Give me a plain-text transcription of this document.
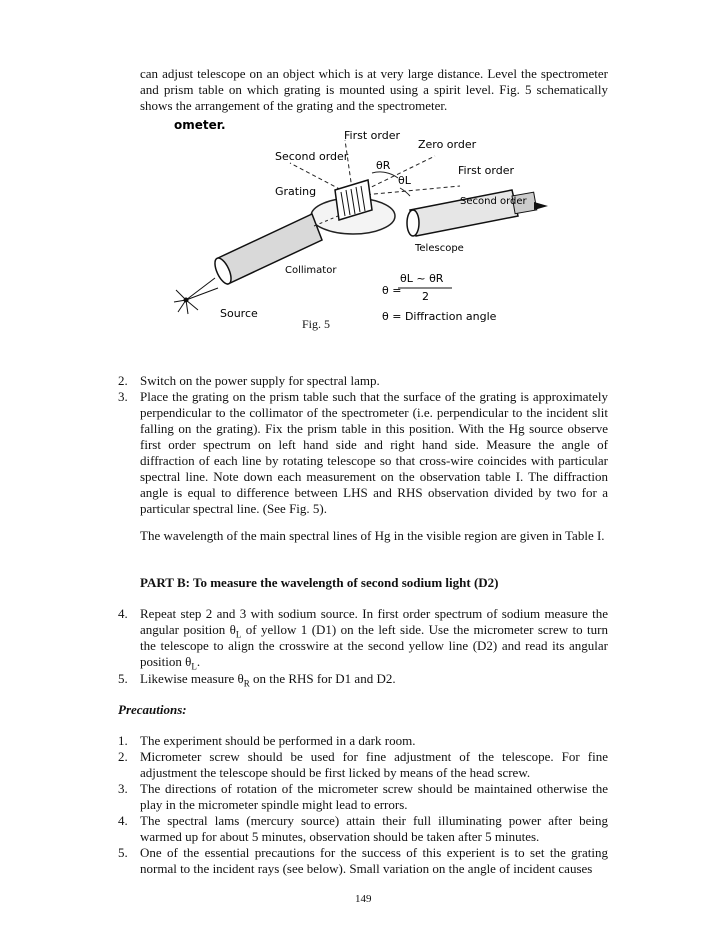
can adjust telescope on an object which is at very large distance. Level the spectrometer and prism table on which grating is mounted using a spirit level. Fig. 5 schematically shows the arrangement of the grating and the spectrometer.

ometer.
First order
Zero order
Second order
θR
θL
First order
Grating
Second order
Telescope
Collimator
Source
θ =
θL ~ θR
2
θ = Diffraction angle
Fig. 5
2. Switch on the power supply for spectral lamp.

3. Place the grating on the prism table such that the surface of the grating is approximately perpendicular to the collimator of the spectrometer (i.e. perpendicular to the incident slit falling on the grating). Fix the prism table in this position. With the Hg source observe first order spectrum on left hand side and right hand side. Measure the angle of diffraction of each line by rotating telescope so that cross-wire coincides with particular spectral line. Note down each measurement on the observation table I. The diffraction angle is equal to difference between LHS and RHS observation divided by two for a particular spectral line. (See Fig. 5).

The wavelength of the main spectral lines of Hg in the visible region are given in Table I.

PART B: To measure the wavelength of second sodium light (D2)
4. Repeat step 2 and 3 with sodium source. In first order spectrum of sodium measure the angular position $\theta_L$ of yellow 1 (D1) on the left side. Use the micrometer screw to turn the telescope to align the crosswire at the second yellow line (D2) and read its angular position $\theta_L$.

5. Likewise measure $\theta_R$ on the RHS for D1 and D2.

Precautions:
1. The experiment should be performed in a dark room.

2. Micrometer screw should be used for fine adjustment of the telescope. For fine adjustment the telescope should be first licked by means of the head screw.

3. The directions of rotation of the micrometer screw should be maintained otherwise the play in the micrometer spindle might lead to errors.

4. The spectral lams (mercury source) attain their full illuminating power after being warmed up for about 5 minutes, observation should be taken after 5 minutes.

5. One of the essential precautions for the success of this experient is to set the grating normal to the incident rays (see below). Small variation on the angle of incident causes

149
